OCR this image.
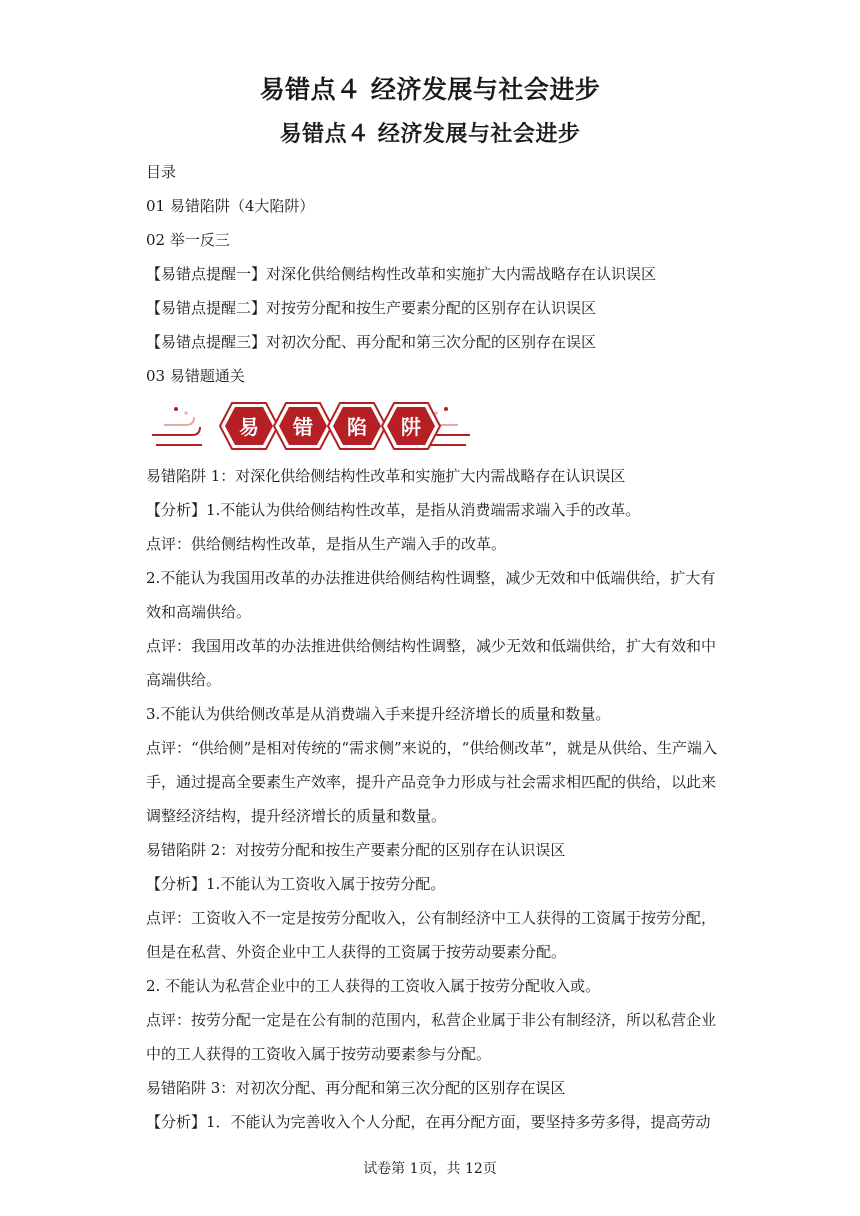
易错点４ 经济发展与社会进步
易错点４ 经济发展与社会进步

目录

01 易错陷阱（4大陷阱）

02 举一反三

【易错点提醒一】对深化供给侧结构性改革和实施扩大内需战略存在认识误区

【易错点提醒二】对按劳分配和按生产要素分配的区别存在认识误区

【易错点提醒三】对初次分配、再分配和第三次分配的区别存在误区

03 易错题通关

易 错 陷 阱

易错陷阱 1：对深化供给侧结构性改革和实施扩大内需战略存在认识误区

【分析】1.不能认为供给侧结构性改革，是指从消费端需求端入手的改革。

点评：供给侧结构性改革，是指从生产端入手的改革。

2.不能认为我国用改革的办法推进供给侧结构性调整，减少无效和中低端供给，扩大有

效和高端供给。

点评：我国用改革的办法推进供给侧结构性调整，减少无效和低端供给，扩大有效和中

高端供给。

3.不能认为供给侧改革是从消费端入手来提升经济增长的质量和数量。

点评：“供给侧”是相对传统的“需求侧”来说的，“供给侧改革”，就是从供给、生产端入

手，通过提高全要素生产效率，提升产品竞争力形成与社会需求相匹配的供给，以此来

调整经济结构，提升经济增长的质量和数量。

易错陷阱 2：对按劳分配和按生产要素分配的区别存在认识误区

【分析】1.不能认为工资收入属于按劳分配。

点评：工资收入不一定是按劳分配收入，公有制经济中工人获得的工资属于按劳分配，

但是在私营、外资企业中工人获得的工资属于按劳动要素分配。

2. 不能认为私营企业中的工人获得的工资收入属于按劳分配收入或。

点评：按劳分配一定是在公有制的范围内，私营企业属于非公有制经济，所以私营企业

中的工人获得的工资收入属于按劳动要素参与分配。

易错陷阱 3：对初次分配、再分配和第三次分配的区别存在误区

【分析】1．不能认为完善收入个人分配，在再分配方面，要坚持多劳多得，提高劳动

试卷第 1页，共 12页
